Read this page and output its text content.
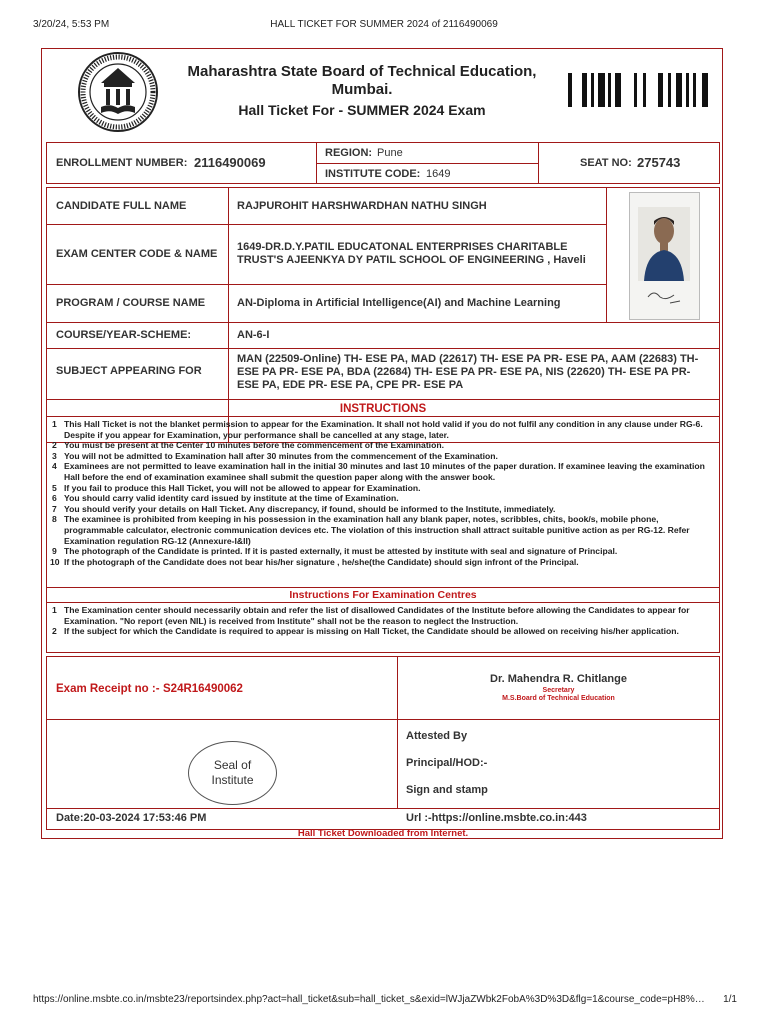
3/20/24, 5:53 PM	HALL TICKET FOR SUMMER 2024 of 2116490069
Maharashtra State Board of Technical Education,
Mumbai.
Hall Ticket For - SUMMER 2024 Exam
ENROLLMENT NUMBER: 2116490069
REGION: Pune
INSTITUTE CODE: 1649
SEAT NO: 275743
CANDIDATE FULL NAME	RAJPUROHIT HARSHWARDHAN NATHU SINGH
EXAM CENTER CODE & NAME
1649-DR.D.Y.PATIL EDUCATONAL ENTERPRISES CHARITABLE
TRUST'S AJEENKYA DY PATIL SCHOOL OF ENGINEERING , Haveli
PROGRAM / COURSE NAME	AN-Diploma in Artificial Intelligence(AI) and Machine Learning
COURSE/YEAR-SCHEME:	AN-6-I
SUBJECT APPEARING FOR
MAN (22509-Online) TH- ESE PA, MAD (22617) TH- ESE PA PR- ESE PA, AAM (22683) TH-
ESE PA PR- ESE PA, BDA (22684) TH- ESE PA PR- ESE PA, NIS (22620) TH- ESE PA PR-
ESE PA, EDE PR- ESE PA, CPE PR- ESE PA
INSTRUCTIONS
1 This Hall Ticket is not the blanket permission to appear for the Examination. It shall not hold valid if you do not fulfil any condition in any clause under RG-6. Despite if you appear for Examination, your performance shall be cancelled at any stage, later.
2 You must be present at the Center 10 minutes before the commencement of the Examination.
3 You will not be admitted to Examination hall after 30 minutes from the commencement of the Examination.
4 Examinees are not permitted to leave examination hall in the initial 30 minutes and last 10 minutes of the paper duration. If examinee leaving the examination Hall before the end of examination examinee shall submit the question paper along with the answer book.
5 If you fail to produce this Hall Ticket, you will not be allowed to appear for Examination.
6 You should carry valid identity card issued by institute at the time of Examination.
7 You should verify your details on Hall Ticket. Any discrepancy, if found, should be informed to the Institute, immediately.
8 The examinee is prohibited from keeping in his possession in the examination hall any blank paper, notes, scribbles, chits, book/s, mobile phone, programmable calculator, electronic communication devices etc. The violation of this instruction shall attract suitable punitive action as per RG-12. Refer Examination regulation RG-12 (Annexure-I&II)
9 The photograph of the Candidate is printed. If it is pasted externally, it must be attested by institute with seal and signature of Principal.
10 If the photograph of the Candidate does not bear his/her signature , he/she(the Candidate) should sign infront of the Principal.
Instructions For Examination Centres
1 The Examination center should necessarily obtain and refer the list of disallowed Candidates of the Institute before allowing the Candidates to appear for Examination. "No report (even NIL) is received from Institute" shall not be the reason to neglect the Instruction.
2 If the subject for which the Candidate is required to appear is missing on Hall Ticket, the Candidate should be allowed on receiving his/her application.
Exam Receipt no :- S24R16490062
Dr. Mahendra R. Chitlange
Secretary
M.S.Board of Technical Education
Seal of
Institute
Attested By
Principal/HOD:-
Sign and stamp
Date:20-03-2024 17:53:46 PM	Url :-https://online.msbte.co.in:443
Hall Ticket Downloaded from Internet.
https://online.msbte.co.in/msbte23/reportsindex.php?act=hall_ticket&sub=hall_ticket_s&exid=lWJjaZWbk2FobA%3D%3D&flg=1&course_code=pH8%… 1/1
